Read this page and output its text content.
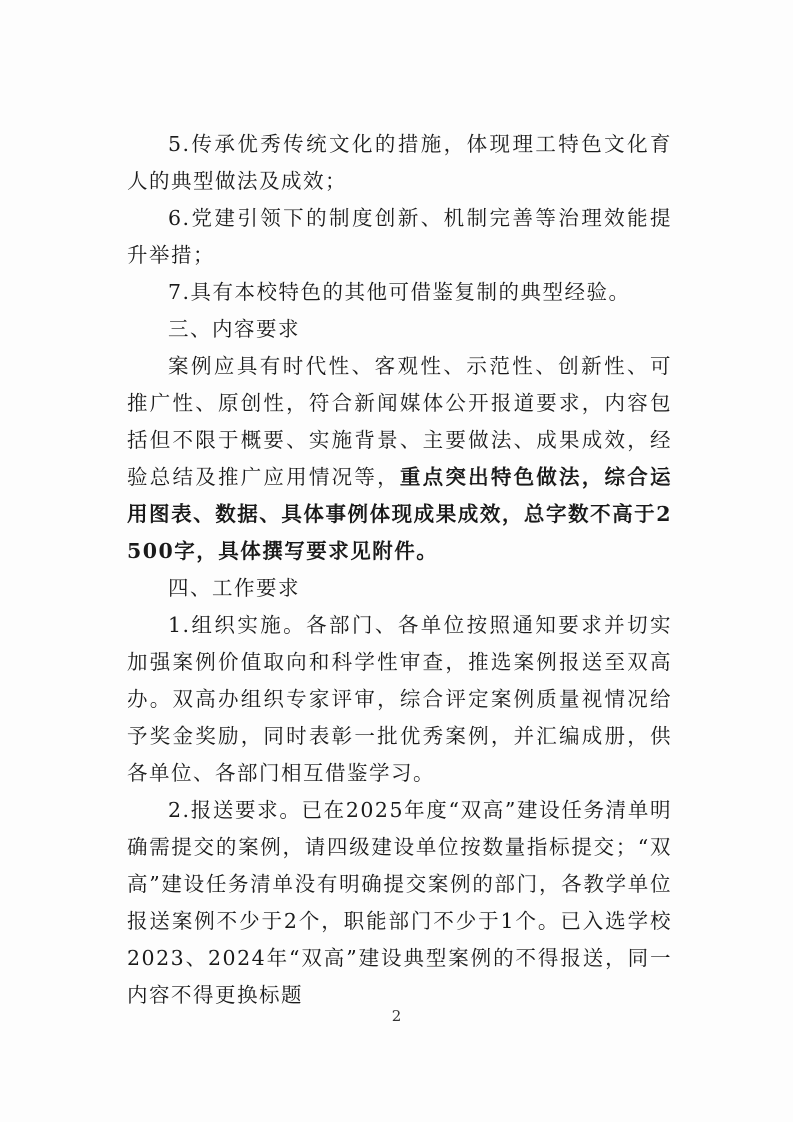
5.传承优秀传统文化的措施，体现理工特色文化育人的典型做法及成效；

6.党建引领下的制度创新、机制完善等治理效能提升举措；

7.具有本校特色的其他可借鉴复制的典型经验。

三、内容要求

案例应具有时代性、客观性、示范性、创新性、可推广性、原创性，符合新闻媒体公开报道要求，内容包括但不限于概要、实施背景、主要做法、成果成效，经验总结及推广应用情况等，重点突出特色做法，综合运用图表、数据、具体事例体现成果成效，总字数不高于2500字，具体撰写要求见附件。

四、工作要求

1.组织实施。各部门、各单位按照通知要求并切实加强案例价值取向和科学性审查，推选案例报送至双高办。双高办组织专家评审，综合评定案例质量视情况给予奖金奖励，同时表彰一批优秀案例，并汇编成册，供各单位、各部门相互借鉴学习。

2.报送要求。已在2025年度“双高”建设任务清单明确需提交的案例，请四级建设单位按数量指标提交；“双高”建设任务清单没有明确提交案例的部门，各教学单位报送案例不少于2个，职能部门不少于1个。已入选学校2023、2024年“双高”建设典型案例的不得报送，同一内容不得更换标题

2
